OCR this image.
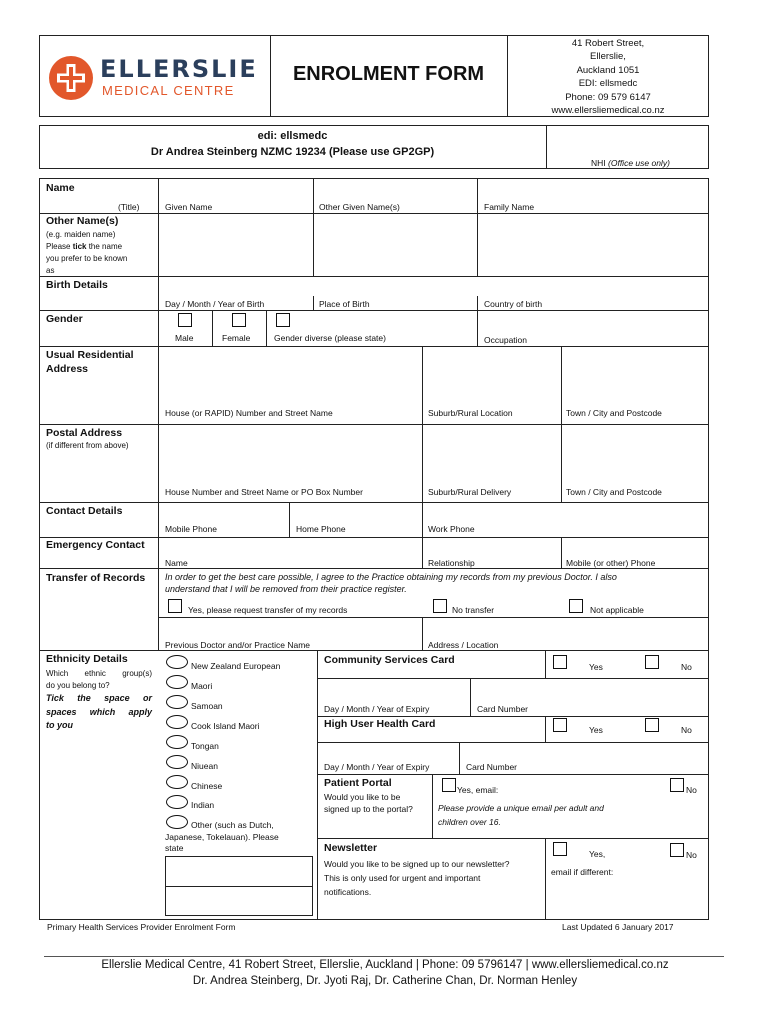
ELLERSLIE
MEDICAL CENTRE
ENROLMENT FORM
41 Robert Street,
Ellerslie,
Auckland 1051
EDI: ellsmedc
Phone: 09 579 6147
www.ellersliemedical.co.nz
edi: ellsmedc
Dr Andrea Steinberg NZMC 19234 (Please use GP2GP)
NHI (Office use only)
Name
(Title)	Given Name	Other Given Name(s)	Family Name
Other Name(s)
(e.g. maiden name)
Please tick the name
you prefer to be known
as
Birth Details
Day / Month / Year of Birth	Place of Birth	Country of birth
Gender
Male	Female	Gender diverse (please state)	Occupation
Usual Residential
Address
House (or RAPID) Number and Street Name	Suburb/Rural Location	Town / City and Postcode
Postal Address
(if different from above)
House Number and Street Name or PO Box Number	Suburb/Rural Delivery	Town / City and Postcode
Contact Details
Mobile Phone	Home Phone	Work Phone
Emergency Contact
Name	Relationship	Mobile (or other) Phone
Transfer of Records In order to get the best care possible, I agree to the Practice obtaining my records from my previous Doctor. I also
understand that I will be removed from their practice register.
Yes, please request transfer of my records	No transfer	Not applicable
Previous Doctor and/or Practice Name	Address / Location
Ethnicity Details
Which ethnic group(s)
do you belong to?
Tick the space or
spaces which apply
to you
New Zealand European
Maori
Samoan
Cook Island Maori
Tongan
Niuean
Chinese
Indian
Other (such as Dutch,
Japanese, Tokelauan). Please
state
Community Services Card
Yes	No
Day / Month / Year of Expiry	Card Number
High User Health Card	Yes	No
Day / Month / Year of Expiry	Card Number
Patient Portal
Would you like to be
signed up to the portal?
Yes, email:	No
Please provide a unique email per adult and
children over 16.
Newsletter
Would you like to be signed up to our newsletter?
This is only used for urgent and important
notifications.
Yes,
email if different:
No
Primary Health Services Provider Enrolment Form	Last Updated 6 January 2017
Ellerslie Medical Centre, 41 Robert Street, Ellerslie, Auckland | Phone: 09 5796147 | www.ellersliemedical.co.nz
Dr. Andrea Steinberg, Dr. Jyoti Raj, Dr. Catherine Chan, Dr. Norman Henley
